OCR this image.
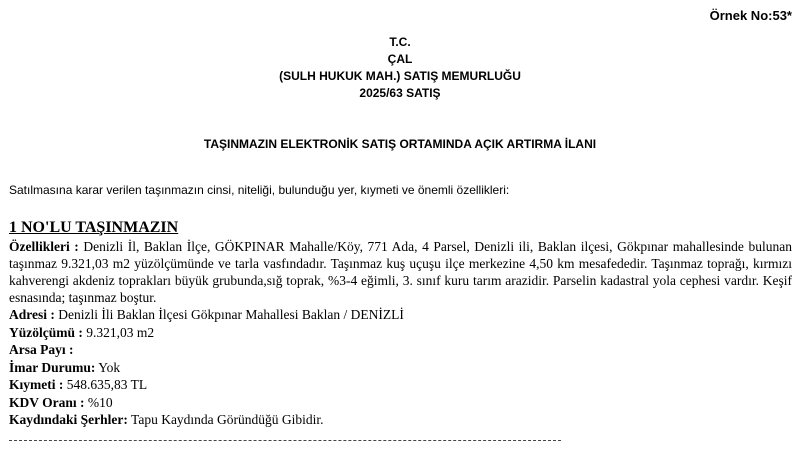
Örnek No:53*
T.C.
ÇAL
(SULH HUKUK MAH.) SATIŞ MEMURLUĞU
2025/63 SATIŞ
TAŞINMAZIN ELEKTRONİK SATIŞ ORTAMINDA AÇIK ARTIRMA İLANI
Satılmasına karar verilen taşınmazın cinsi, niteliği, bulunduğu yer, kıymeti ve önemli özellikleri:

1 NO'LU TAŞINMAZIN

Özellikleri : Denizli İl, Baklan İlçe, GÖKPINAR Mahalle/Köy, 771 Ada, 4 Parsel, Denizli ili, Baklan ilçesi, Gökpınar mahallesinde bulunan taşınmaz 9.321,03 m2 yüzölçümünde ve tarla vasfındadır. Taşınmaz kuş uçuşu ilçe merkezine 4,50 km mesafededir. Taşınmaz toprağı, kırmızı kahverengi akdeniz toprakları büyük grubunda,sığ toprak, %3-4 eğimli, 3. sınıf kuru tarım arazidir. Parselin kadastral yola cephesi vardır. Keşif esnasında; taşınmaz boştur.

Adresi : Denizli İli Baklan İlçesi Gökpınar Mahallesi Baklan / DENİZLİ

Yüzölçümü : 9.321,03 m2

Arsa Payı :

İmar Durumu: Yok

Kıymeti : 548.635,83 TL

KDV Oranı : %10

Kaydındaki Şerhler: Tapu Kaydında Göründüğü Gibidir.
